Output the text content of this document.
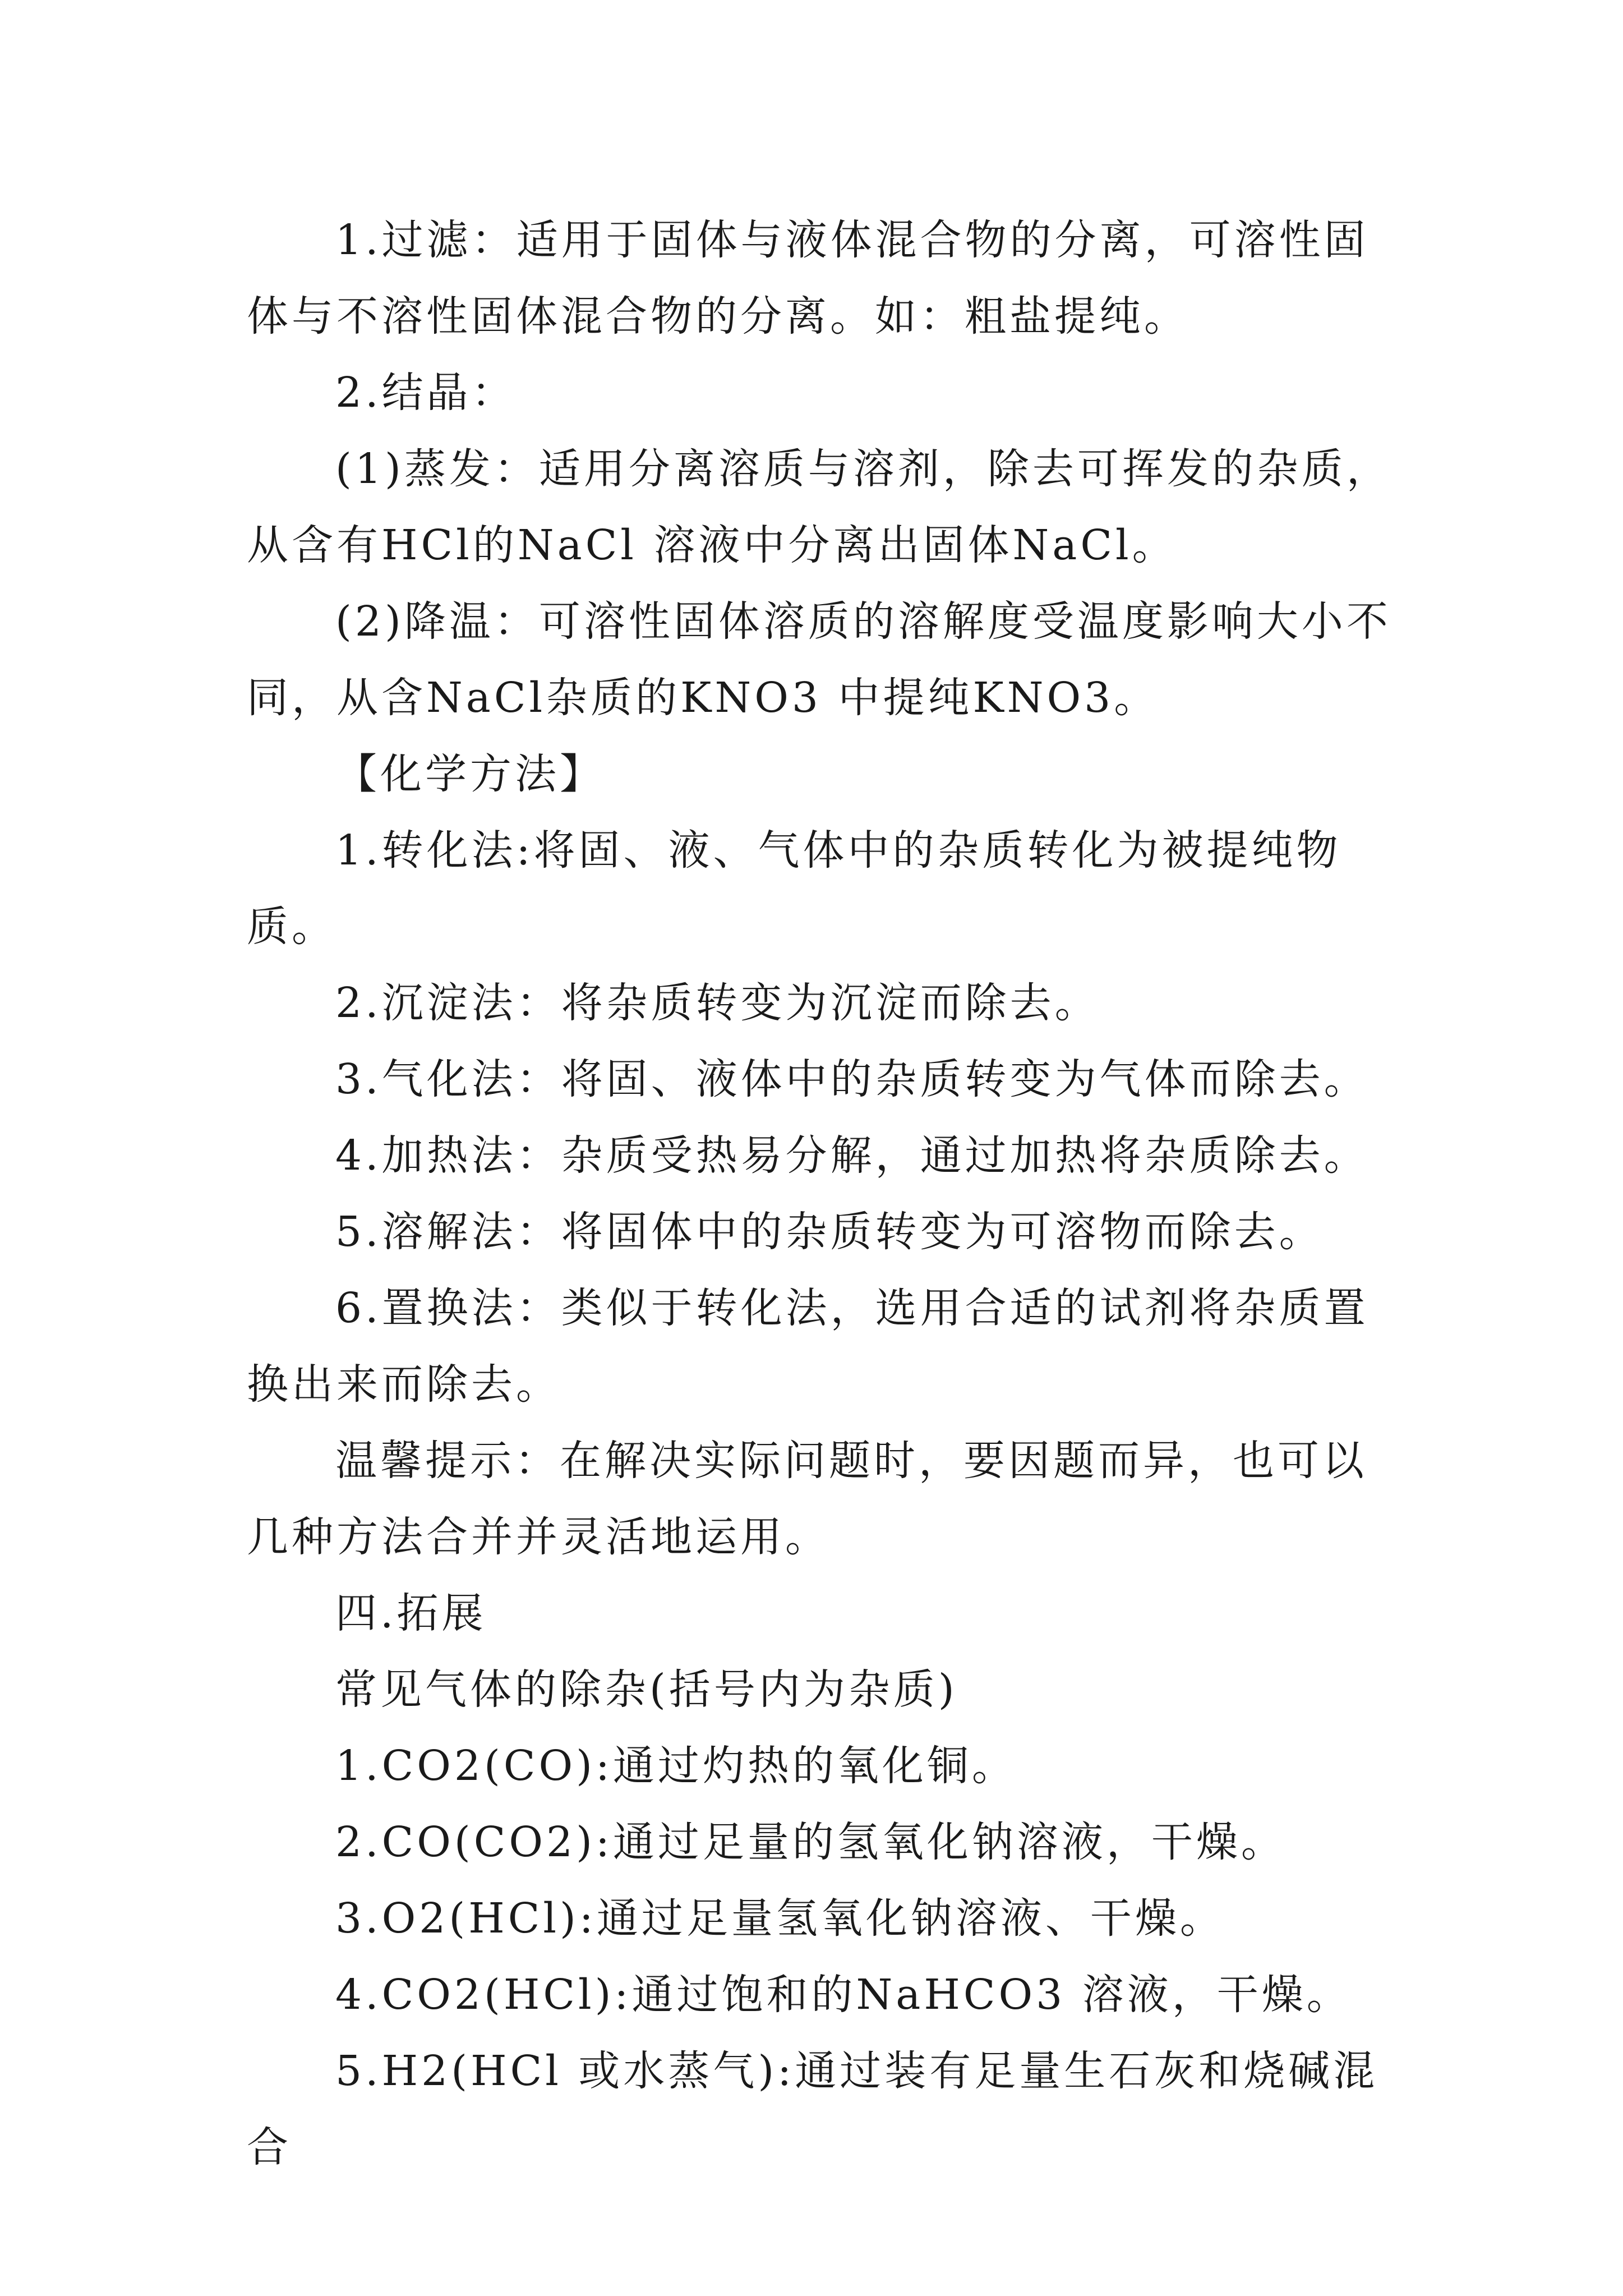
1.过滤：适用于固体与液体混合物的分离，可溶性固体与不溶性固体混合物的分离。如：粗盐提纯。

2.结晶：

(1)蒸发：适用分离溶质与溶剂，除去可挥发的杂质，从含有HCl的NaCl 溶液中分离出固体NaCl。

(2)降温：可溶性固体溶质的溶解度受温度影响大小不同，从含NaCl杂质的KNO3 中提纯KNO3。

【化学方法】

1.转化法:将固、液、气体中的杂质转化为被提纯物质。

2.沉淀法：将杂质转变为沉淀而除去。

3.气化法：将固、液体中的杂质转变为气体而除去。

4.加热法：杂质受热易分解，通过加热将杂质除去。

5.溶解法：将固体中的杂质转变为可溶物而除去。

6.置换法：类似于转化法，选用合适的试剂将杂质置换出来而除去。

温馨提示：在解决实际问题时，要因题而异，也可以几种方法合并并灵活地运用。

四.拓展

常见气体的除杂(括号内为杂质)

1.CO2(CO):通过灼热的氧化铜。

2.CO(CO2):通过足量的氢氧化钠溶液，干燥。

3.O2(HCl):通过足量氢氧化钠溶液、干燥。

4.CO2(HCl):通过饱和的NaHCO3 溶液，干燥。

5.H2(HCl 或水蒸气):通过装有足量生石灰和烧碱混合
